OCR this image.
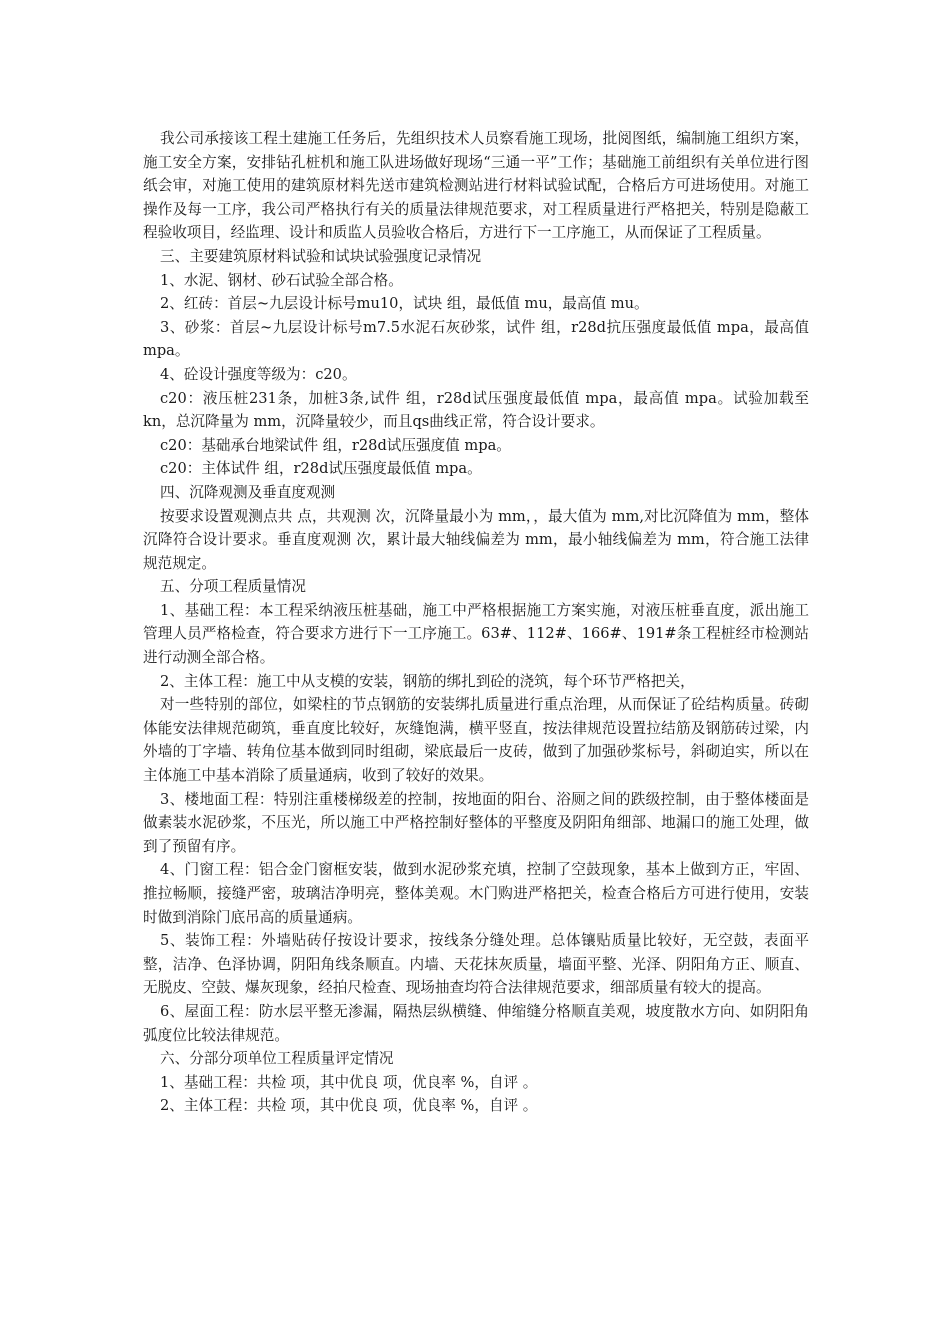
我公司承接该工程土建施工任务后，先组织技术人员察看施工现场，批阅图纸，编制施工组织方案，施工安全方案，安排钻孔桩机和施工队进场做好现场“三通一平”工作；基础施工前组织有关单位进行图纸会审，对施工使用的建筑原材料先送市建筑检测站进行材料试验试配，合格后方可进场使用。对施工操作及每一工序，我公司严格执行有关的质量法律规范要求，对工程质量进行严格把关，特别是隐蔽工程验收项目，经监理、设计和质监人员验收合格后，方进行下一工序施工，从而保证了工程质量。

三、主要建筑原材料试验和试块试验强度记录情况

1、水泥、钢材、砂石试验全部合格。

2、红砖：首层~九层设计标号mu10，试块 组，最低值 mu，最高值 mu。

3、砂浆：首层~九层设计标号m7.5水泥石灰砂浆，试件 组，r28d抗压强度最低值 mpa，最高值 mpa。

4、砼设计强度等级为：c20。

c20：液压桩231条，加桩3条,试件 组，r28d试压强度最低值 mpa，最高值 mpa。试验加载至 kn，总沉降量为 mm，沉降量较少，而且qs曲线正常，符合设计要求。

c20：基础承台地梁试件 组，r28d试压强度值 mpa。

c20：主体试件 组，r28d试压强度最低值 mpa。

四、沉降观测及垂直度观测

按要求设置观测点共 点，共观测 次，沉降量最小为 mm，，最大值为 mm,对比沉降值为 mm，整体沉降符合设计要求。垂直度观测 次，累计最大轴线偏差为 mm，最小轴线偏差为 mm，符合施工法律规范规定。

五、分项工程质量情况

1、基础工程：本工程采纳液压桩基础，施工中严格根据施工方案实施，对液压桩垂直度，派出施工管理人员严格检查，符合要求方进行下一工序施工。63#、112#、166#、191#条工程桩经市检测站进行动测全部合格。

2、主体工程：施工中从支模的安装，钢筋的绑扎到砼的浇筑，每个环节严格把关，

对一些特别的部位，如梁柱的节点钢筋的安装绑扎质量进行重点治理，从而保证了砼结构质量。砖砌体能安法律规范砌筑，垂直度比较好，灰缝饱满，横平竖直，按法律规范设置拉结筋及钢筋砖过梁，内外墙的丁字墙、转角位基本做到同时组砌，梁底最后一皮砖，做到了加强砂浆标号，斜砌迫实，所以在主体施工中基本消除了质量通病，收到了较好的效果。

3、楼地面工程：特别注重楼梯级差的控制，按地面的阳台、浴厕之间的跌级控制，由于整体楼面是做素装水泥砂浆，不压光，所以施工中严格控制好整体的平整度及阴阳角细部、地漏口的施工处理，做到了预留有序。

4、门窗工程：铝合金门窗框安装，做到水泥砂浆充填，控制了空鼓现象，基本上做到方正，牢固、推拉畅顺，接缝严密，玻璃洁净明亮，整体美观。木门购进严格把关，检查合格后方可进行使用，安装时做到消除门底吊高的质量通病。

5、装饰工程：外墙贴砖仔按设计要求，按线条分缝处理。总体镶贴质量比较好，无空鼓，表面平整，洁净、色泽协调，阴阳角线条顺直。内墙、天花抹灰质量，墙面平整、光泽、阴阳角方正、顺直、无脱皮、空鼓、爆灰现象，经拍尺检查、现场抽查均符合法律规范要求，细部质量有较大的提高。

6、屋面工程：防水层平整无渗漏，隔热层纵横缝、伸缩缝分格顺直美观，坡度散水方向、如阴阳角弧度位比较法律规范。

六、分部分项单位工程质量评定情况

1、基础工程：共检 项，其中优良 项，优良率 %，自评 。

2、主体工程：共检 项，其中优良 项，优良率 %，自评 。
